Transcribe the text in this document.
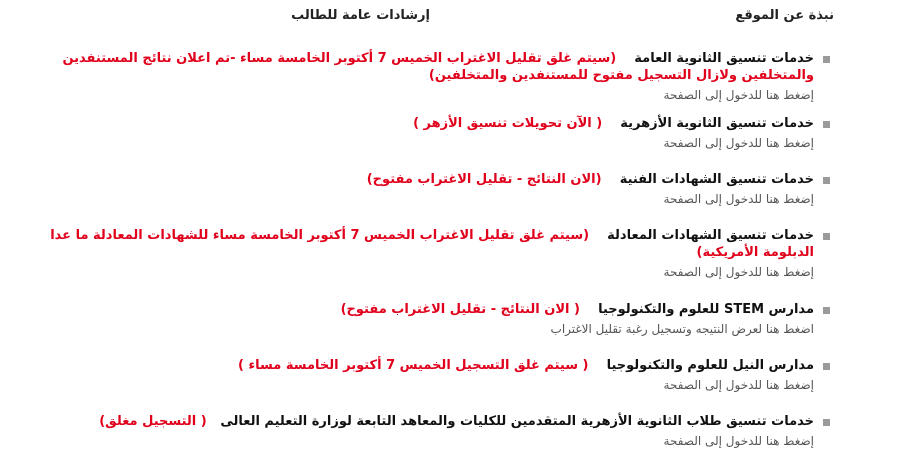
نبذة عن الموقع
إرشادات عامة للطالب
خدمات تنسيق الثانوية العامة    (سيتم غلق تقليل الاغتراب الخميس 7 أكتوبر الخامسة مساء -تم اعلان نتائج المستنفدين والمتخلفين ولازال التسجيل مفتوح للمستنفدين والمتخلفين)
إضغط هنا للدخول إلى الصفحة
خدمات تنسيق الثانوية الأزهرية    ( الآن تحويلات تنسيق الأزهر )
إضغط هنا للدخول إلى الصفحة
خدمات تنسيق الشهادات الفنية    (الان النتائج - تقليل الاغتراب مفتوح)
إضغط هنا للدخول إلى الصفحة
خدمات تنسيق الشهادات المعادلة    (سيتم غلق تقليل الاغتراب الخميس 7 أكتوبر الخامسة مساء للشهادات المعادلة ما عدا الدبلومة الأمريكية)
إضغط هنا للدخول إلى الصفحة
مدارس STEM للعلوم والتكنولوجيا    ( الان النتائج - تقليل الاغتراب مفتوح)
اضغط هنا لعرض النتيجه وتسجيل رغبة تقليل الاغتراب
مدارس النيل للعلوم والتكنولوجيا    ( سيتم غلق التسجيل الخميس 7 أكتوبر الخامسة مساء )
إضغط هنا للدخول إلى الصفحة
خدمات تنسيق طلاب الثانوية الأزهرية المتقدمين للكليات والمعاهد التابعة لوزارة التعليم العالى   ( التسجيل مغلق)
إضغط هنا للدخول إلى الصفحة
